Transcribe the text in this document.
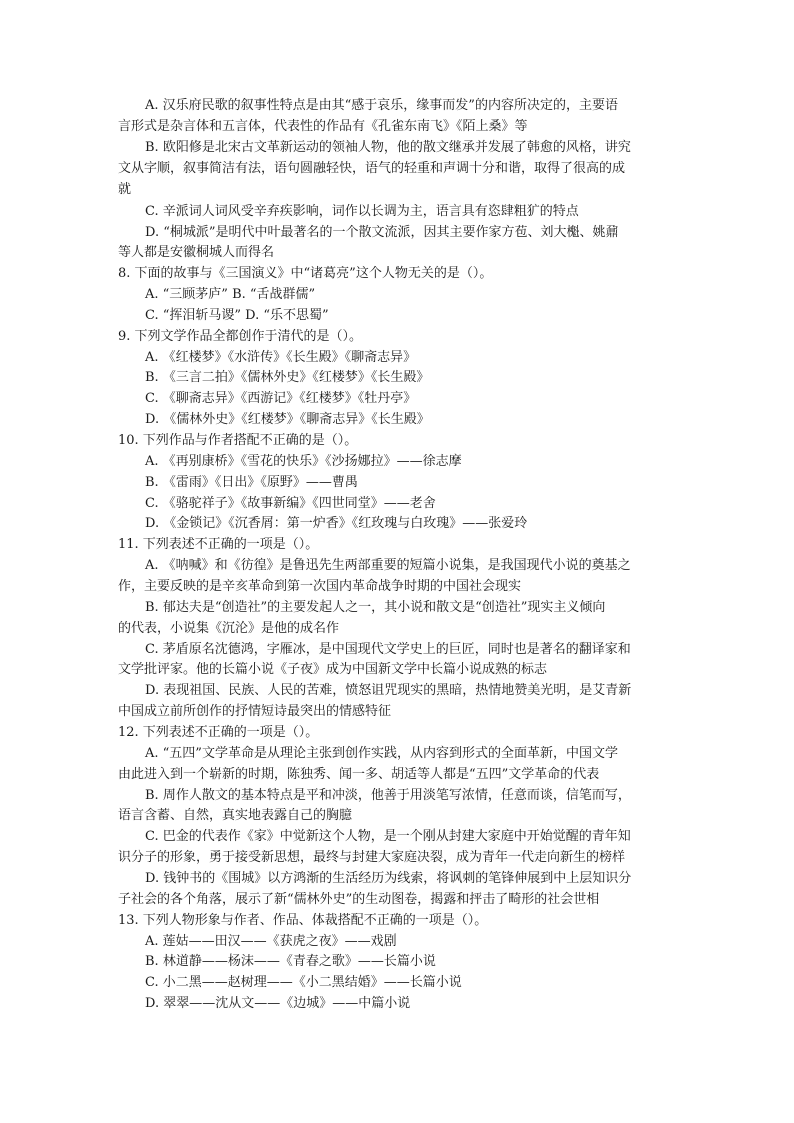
A. 汉乐府民歌的叙事性特点是由其“感于哀乐，缘事而发”的内容所决定的，主要语
言形式是杂言体和五言体，代表性的作品有《孔雀东南飞》《陌上桑》等
B. 欧阳修是北宋古文革新运动的领袖人物，他的散文继承并发展了韩愈的风格，讲究
文从字顺，叙事简洁有法，语句圆融轻快，语气的轻重和声调十分和谐，取得了很高的成
就
C. 辛派词人词风受辛弃疾影响，词作以长调为主，语言具有恣肆粗犷的特点
D. “桐城派”是明代中叶最著名的一个散文流派，因其主要作家方苞、刘大櫆、姚鼐
等人都是安徽桐城人而得名
8. 下面的故事与《三国演义》中“诸葛亮”这个人物无关的是（）。
A. “三顾茅庐” B. “舌战群儒”
C. “挥泪斩马谡” D. “乐不思蜀”
9. 下列文学作品全都创作于清代的是（）。
A. 《红楼梦》《水浒传》《长生殿》《聊斋志异》
B. 《三言二拍》《儒林外史》《红楼梦》《长生殿》
C. 《聊斋志异》《西游记》《红楼梦》《牡丹亭》
D. 《儒林外史》《红楼梦》《聊斋志异》《长生殿》
10. 下列作品与作者搭配不正确的是（）。
A. 《再别康桥》《雪花的快乐》《沙扬娜拉》——徐志摩
B. 《雷雨》《日出》《原野》——曹禺
C. 《骆驼祥子》《故事新编》《四世同堂》——老舍
D. 《金锁记》《沉香屑：第一炉香》《红玫瑰与白玫瑰》——张爱玲
11. 下列表述不正确的一项是（）。
A. 《呐喊》和《彷徨》是鲁迅先生两部重要的短篇小说集，是我国现代小说的奠基之
作，主要反映的是辛亥革命到第一次国内革命战争时期的中国社会现实
B. 郁达夫是“创造社”的主要发起人之一，其小说和散文是“创造社”现实主义倾向
的代表，小说集《沉沦》是他的成名作
C. 茅盾原名沈德鸿，字雁冰，是中国现代文学史上的巨匠，同时也是著名的翻译家和
文学批评家。他的长篇小说《子夜》成为中国新文学中长篇小说成熟的标志
D. 表现祖国、民族、人民的苦难，愤怒诅咒现实的黑暗，热情地赞美光明，是艾青新
中国成立前所创作的抒情短诗最突出的情感特征
12. 下列表述不正确的一项是（）。
A. “五四”文学革命是从理论主张到创作实践，从内容到形式的全面革新，中国文学
由此进入到一个崭新的时期，陈独秀、闻一多、胡适等人都是“五四”文学革命的代表
B. 周作人散文的基本特点是平和冲淡，他善于用淡笔写浓情，任意而谈，信笔而写，
语言含蓄、自然，真实地表露自己的胸臆
C. 巴金的代表作《家》中觉新这个人物，是一个刚从封建大家庭中开始觉醒的青年知
识分子的形象，勇于接受新思想，最终与封建大家庭决裂，成为青年一代走向新生的榜样
D. 钱钟书的《围城》以方鸿渐的生活经历为线索，将讽刺的笔锋伸展到中上层知识分
子社会的各个角落，展示了新“儒林外史”的生动图卷，揭露和抨击了畸形的社会世相
13. 下列人物形象与作者、作品、体裁搭配不正确的一项是（）。
A. 莲姑——田汉——《获虎之夜》——戏剧
B. 林道静——杨沫——《青春之歌》——长篇小说
C. 小二黑——赵树理——《小二黑结婚》——长篇小说
D. 翠翠——沈从文——《边城》——中篇小说
